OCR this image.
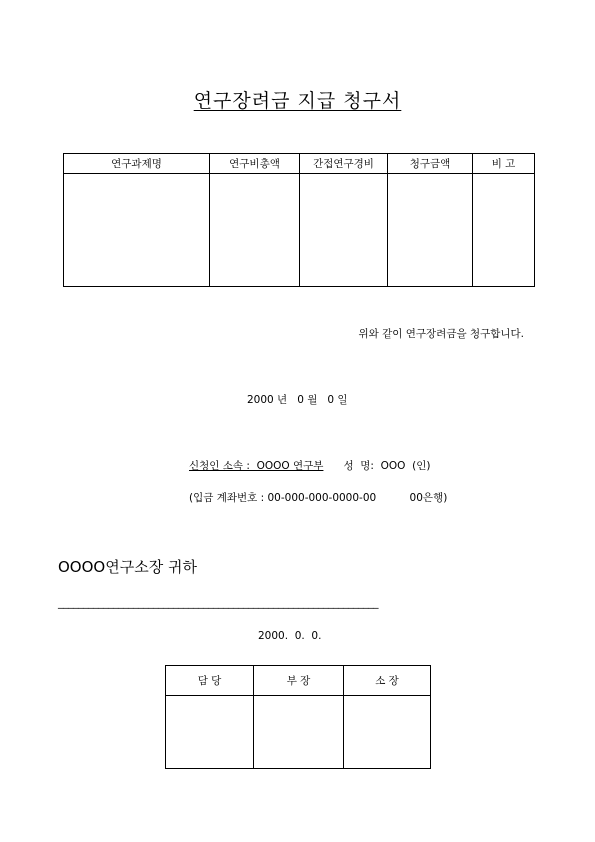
연구장려금 지급 청구서
연구과제명	연구비총액	간접연구경비	청구금액	비 고

위와 같이 연구장려금을 청구합니다.
2000 년   0 월   0 일
신청인 소속 :  OOOO 연구부 성  명:  OOO  (인)
(입금 계좌번호 : 00-000-000-0000-00          00은행)
OOOO연구소장 귀하
________________________________________________________________
2000.  0.  0.
담 당	부 장	소 장
